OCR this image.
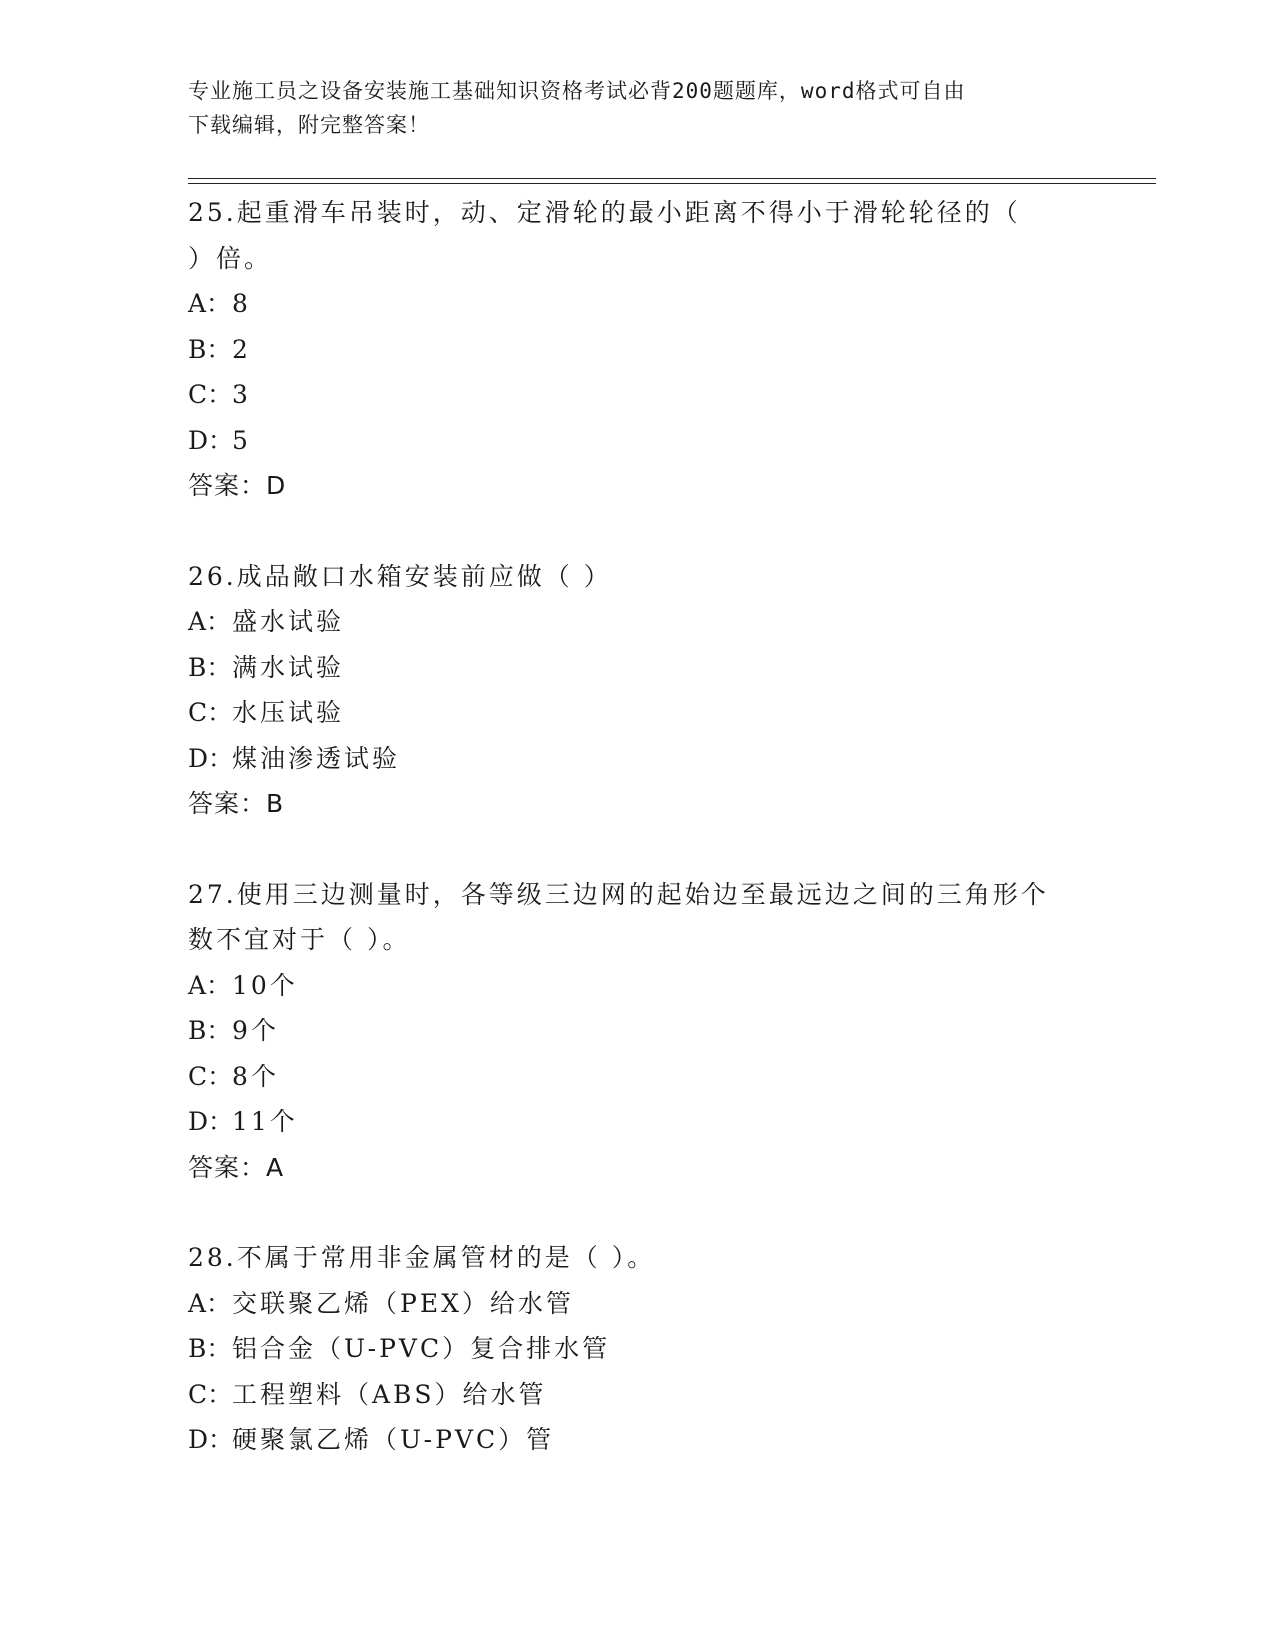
专业施工员之设备安装施工基础知识资格考试必背200题题库，word格式可自由

下载编辑，附完整答案！

25.起重滑车吊装时，动、定滑轮的最小距离不得小于滑轮轮径的（
）倍。
A：8
B：2
C：3
D：5
答案：D
26.成品敞口水箱安装前应做（ ）
A：盛水试验
B：满水试验
C：水压试验
D：煤油渗透试验
答案：B
27.使用三边测量时，各等级三边网的起始边至最远边之间的三角形个
数不宜对于（ ）。
A：10个
B：9个
C：8个
D：11个
答案：A
28.不属于常用非金属管材的是（ ）。
A：交联聚乙烯（PEX）给水管
B：铝合金（U-PVC）复合排水管
C：工程塑料（ABS）给水管
D：硬聚氯乙烯（U-PVC）管
